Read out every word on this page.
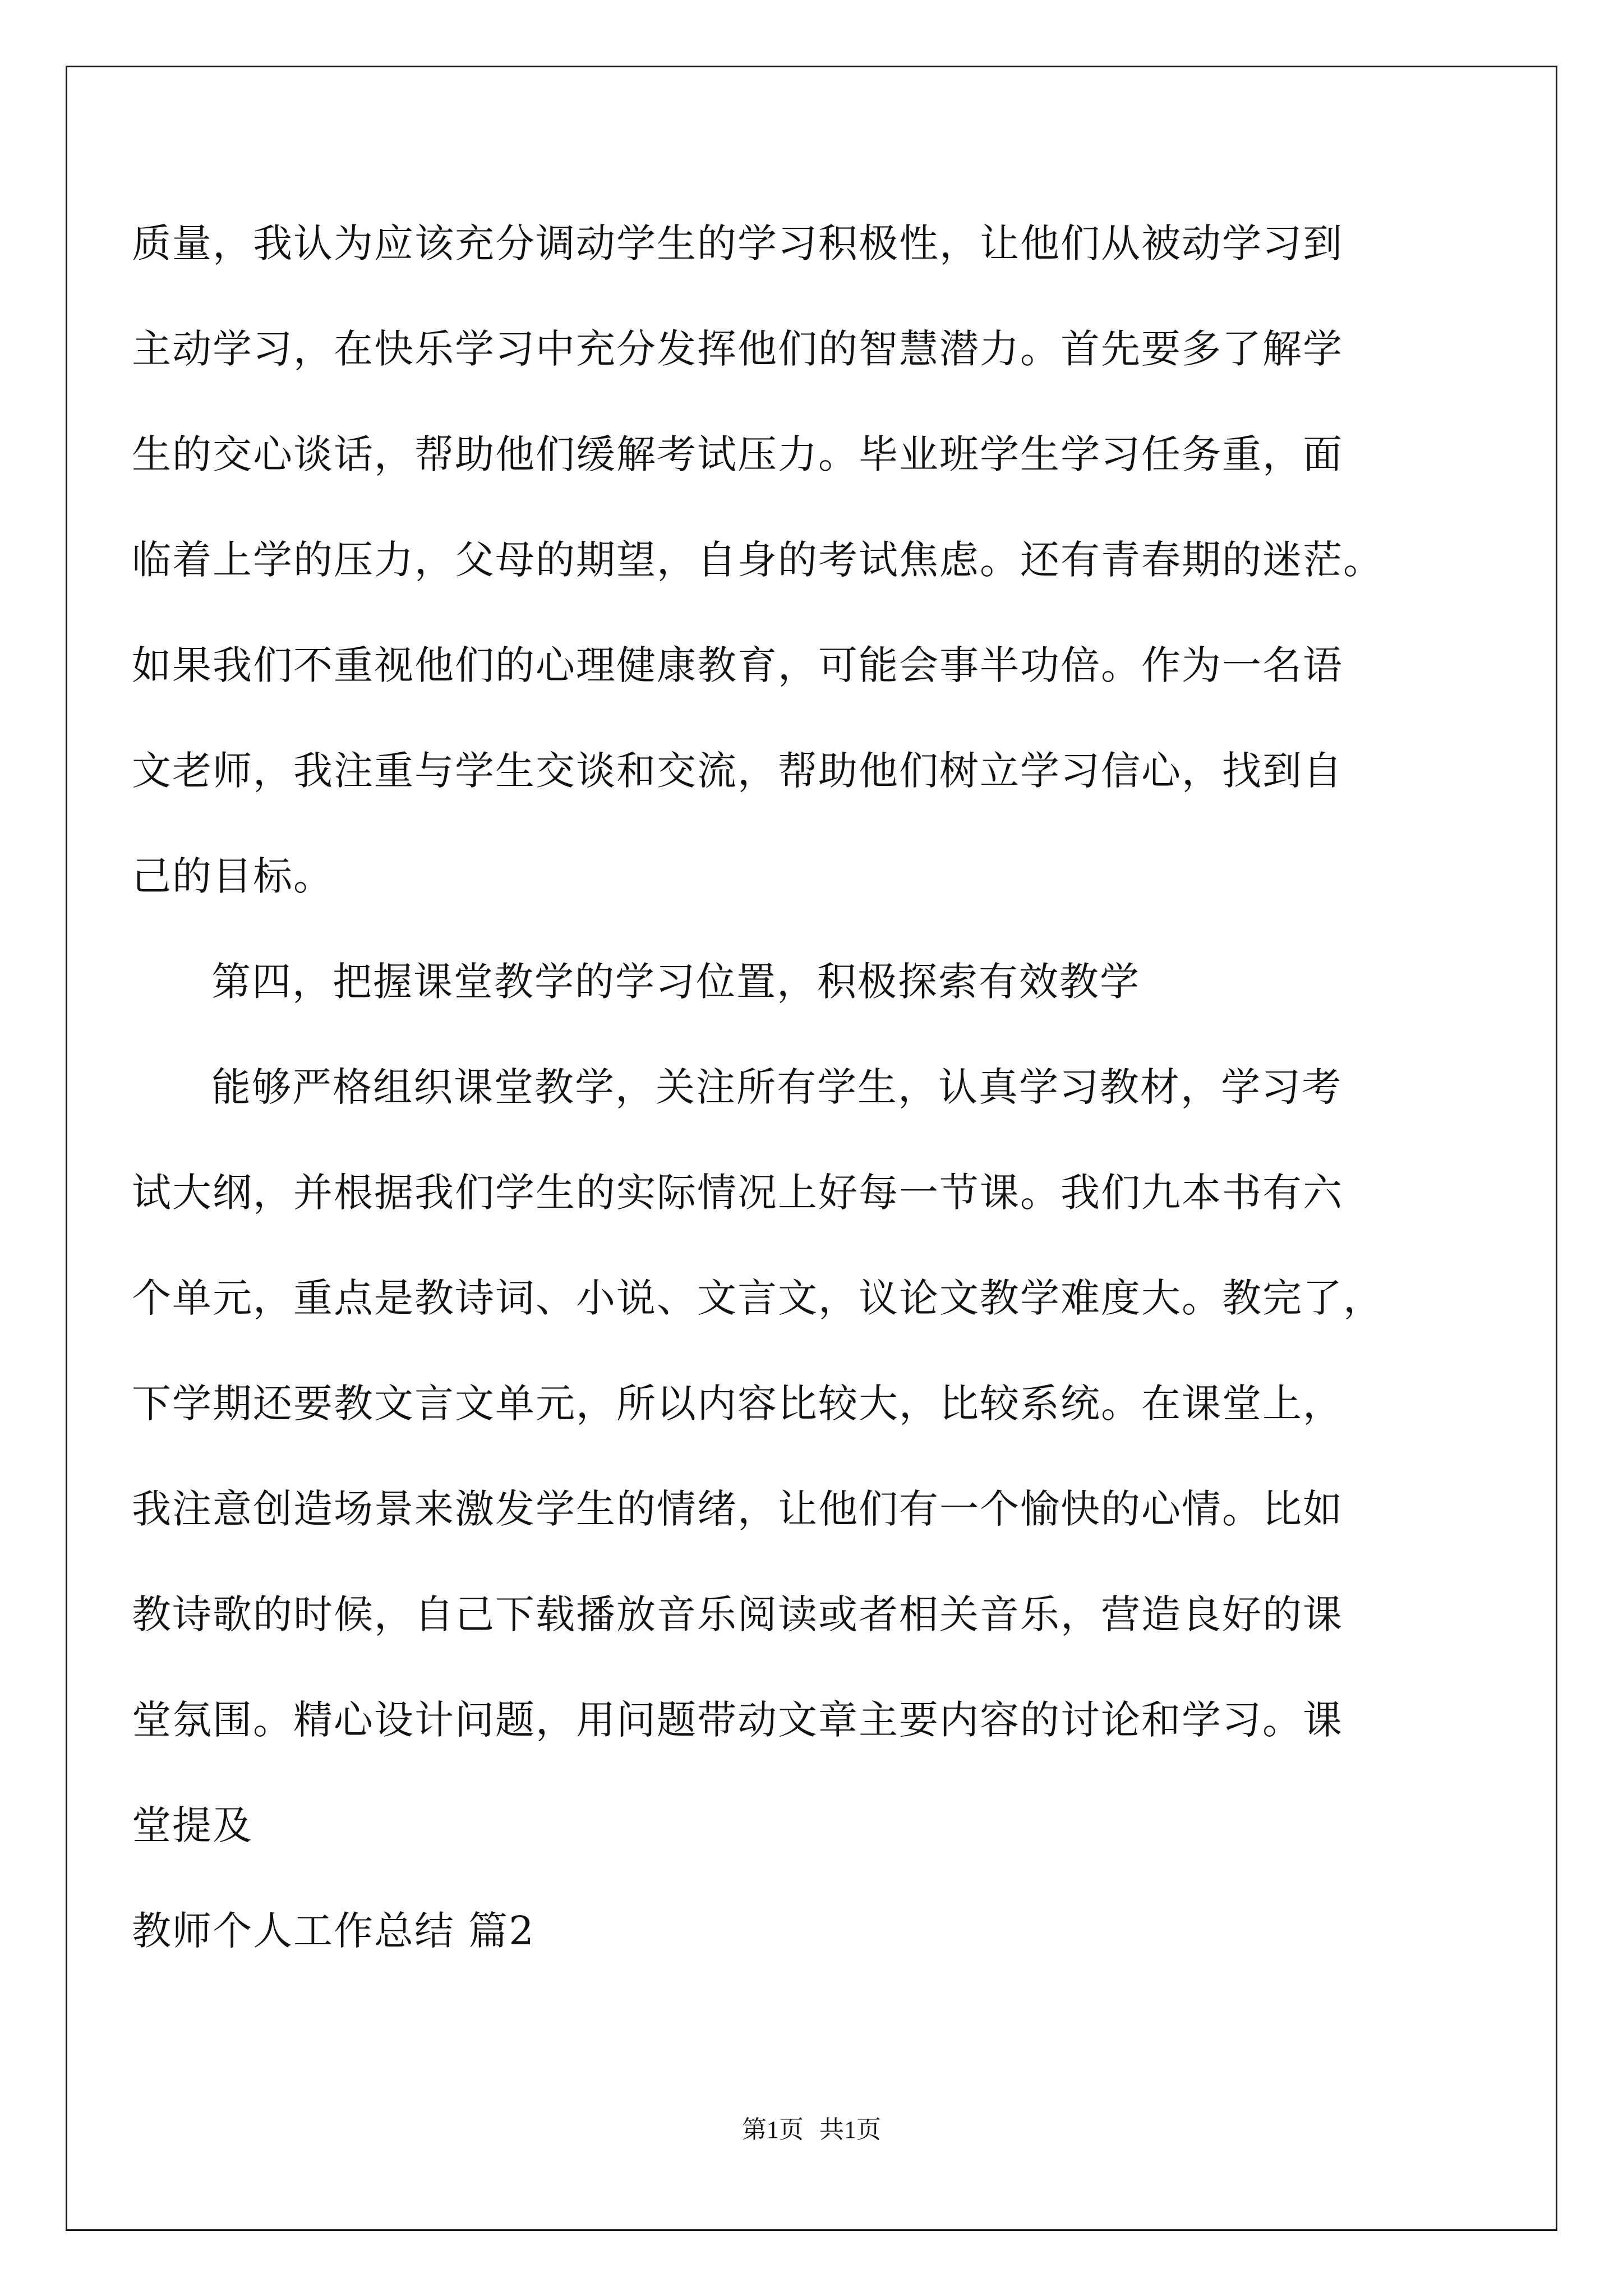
质量，我认为应该充分调动学生的学习积极性，让他们从被动学习到

主动学习，在快乐学习中充分发挥他们的智慧潜力。首先要多了解学

生的交心谈话，帮助他们缓解考试压力。毕业班学生学习任务重，面

临着上学的压力，父母的期望，自身的考试焦虑。还有青春期的迷茫。

如果我们不重视他们的心理健康教育，可能会事半功倍。作为一名语

文老师，我注重与学生交谈和交流，帮助他们树立学习信心，找到自

己的目标。

第四，把握课堂教学的学习位置，积极探索有效教学

能够严格组织课堂教学，关注所有学生，认真学习教材，学习考

试大纲，并根据我们学生的实际情况上好每一节课。我们九本书有六

个单元，重点是教诗词、小说、文言文，议论文教学难度大。教完了，

下学期还要教文言文单元，所以内容比较大，比较系统。在课堂上，

我注意创造场景来激发学生的情绪，让他们有一个愉快的心情。比如

教诗歌的时候，自己下载播放音乐阅读或者相关音乐，营造良好的课

堂氛围。精心设计问题，用问题带动文章主要内容的讨论和学习。课

堂提及

教师个人工作总结 篇2

第1页 共1页
